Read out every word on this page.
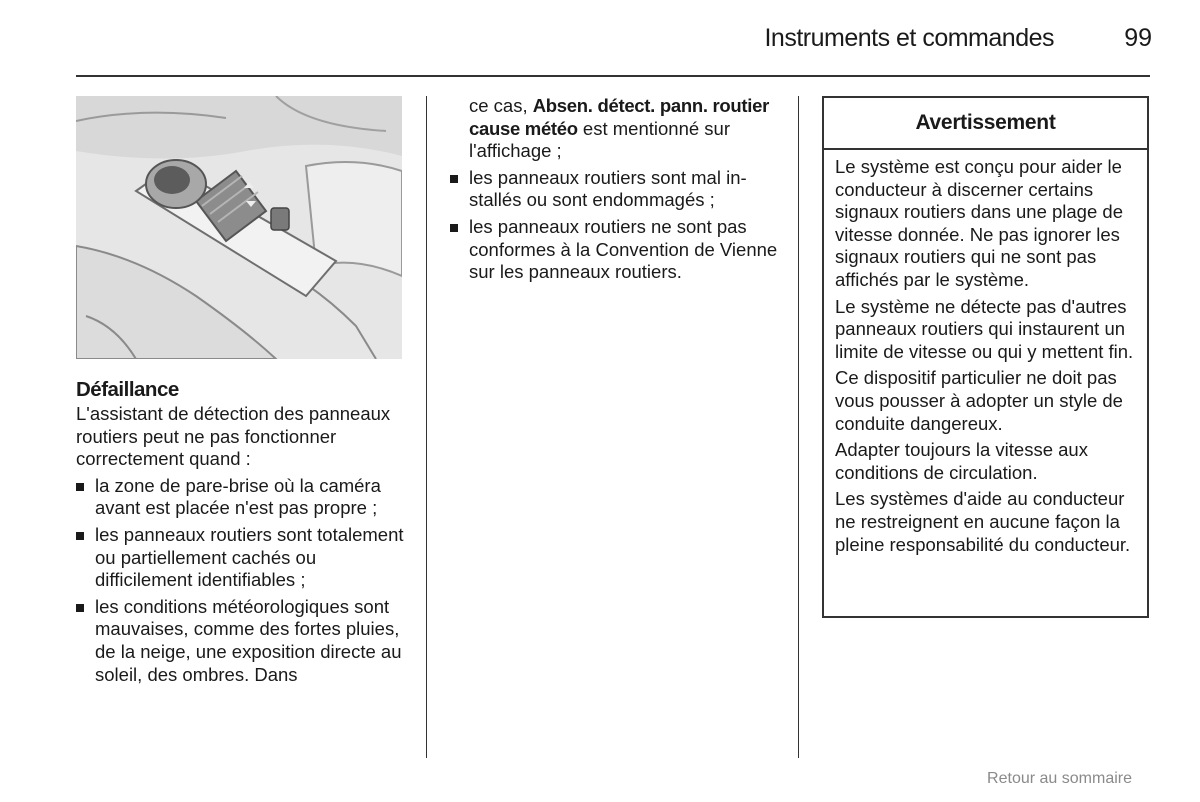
Instruments et commandes	99
Défaillance

L'assistant de détection des panneaux routiers peut ne pas fonctionner correctement quand :

la zone de pare-brise où la caméra avant est placée n'est pas propre ;
les panneaux routiers sont totalement ou partiellement cachés ou difficilement identifiables ;
les conditions météorologiques sont mauvaises, comme des fortes pluies, de la neige, une exposition directe au soleil, des ombres. Dans
ce cas, Absen. détect. pann. routier cause météo est mentionné sur l'affichage ;
les panneaux routiers sont mal installés ou sont endommagés ;
les panneaux routiers ne sont pas conformes à la Convention de Vienne sur les panneaux routiers.
Avertissement

Le système est conçu pour aider le conducteur à discerner certains signaux routiers dans une plage de vitesse donnée. Ne pas ignorer les signaux routiers qui ne sont pas affichés par le système.

Le système ne détecte pas d'autres panneaux routiers qui instaurent un limite de vitesse ou qui y mettent fin.

Ce dispositif particulier ne doit pas vous pousser à adopter un style de conduite dangereux.

Adapter toujours la vitesse aux conditions de circulation.

Les systèmes d'aide au conducteur ne restreignent en aucune façon la pleine responsabilité du conducteur.

Retour au sommaire
